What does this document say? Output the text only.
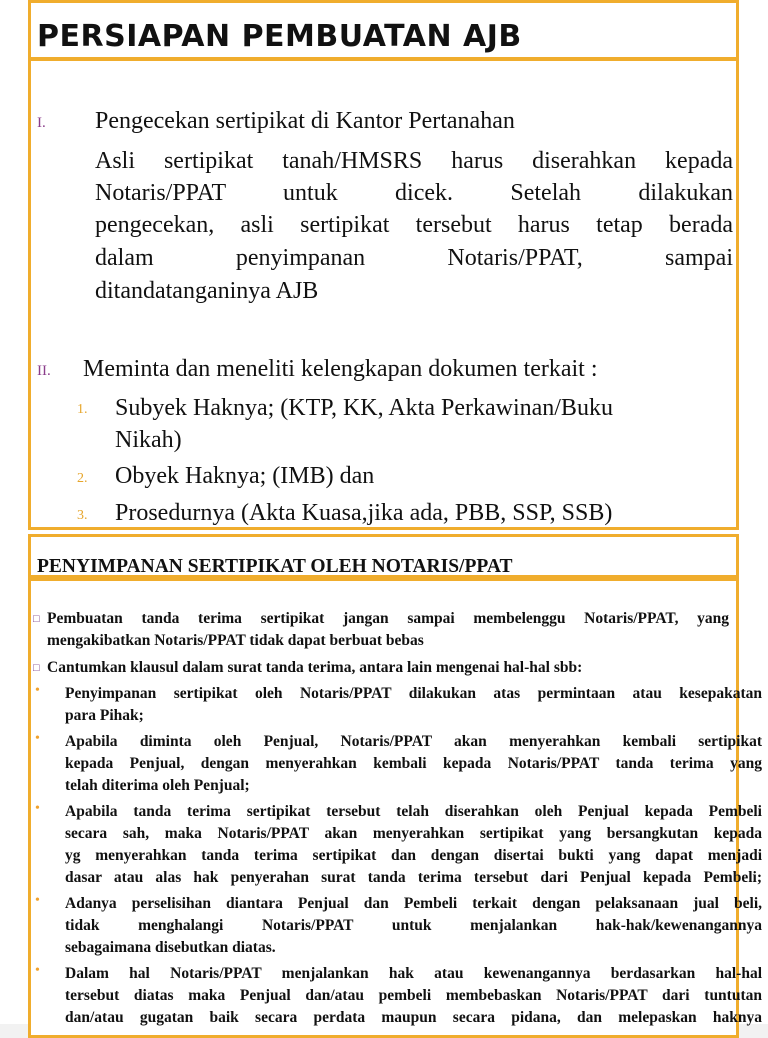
PERSIAPAN PEMBUATAN AJB
I. Pengecekan sertipikat di Kantor Pertanahan
Asli sertipikat tanah/HMSRS harus diserahkan kepada
Notaris/PPAT untuk dicek. Setelah dilakukan
pengecekan, asli sertipikat tersebut harus tetap berada
dalam penyimpanan Notaris/PPAT, sampai
ditandatanganinya AJB
II. Meminta dan meneliti kelengkapan dokumen terkait :
1. Subyek Haknya; (KTP, KK, Akta Perkawinan/Buku
Nikah)
2. Obyek Haknya; (IMB) dan
3. Prosedurnya (Akta Kuasa,jika ada, PBB, SSP, SSB)
PENYIMPANAN SERTIPIKAT OLEH NOTARIS/PPAT
□ Pembuatan tanda terima sertipikat jangan sampai membelenggu Notaris/PPAT, yang
mengakibatkan Notaris/PPAT tidak dapat berbuat bebas
□ Cantumkan klausul dalam surat tanda terima, antara lain mengenai hal-hal sbb:
• Penyimpanan sertipikat oleh Notaris/PPAT dilakukan atas permintaan atau kesepakatan
para Pihak;
• Apabila diminta oleh Penjual, Notaris/PPAT akan menyerahkan kembali sertipikat
kepada Penjual, dengan menyerahkan kembali kepada Notaris/PPAT tanda terima yang
telah diterima oleh Penjual;
• Apabila tanda terima sertipikat tersebut telah diserahkan oleh Penjual kepada Pembeli
secara sah, maka Notaris/PPAT akan menyerahkan sertipikat yang bersangkutan kepada
yg menyerahkan tanda terima sertipikat dan dengan disertai bukti yang dapat menjadi
dasar atau alas hak penyerahan surat tanda terima tersebut dari Penjual kepada Pembeli;
• Adanya perselisihan diantara Penjual dan Pembeli terkait dengan pelaksanaan jual beli,
tidak menghalangi Notaris/PPAT untuk menjalankan hak-hak/kewenangannya
sebagaimana disebutkan diatas.
• Dalam hal Notaris/PPAT menjalankan hak atau kewenangannya berdasarkan hal-hal
tersebut diatas maka Penjual dan/atau pembeli membebaskan Notaris/PPAT dari tuntutan
dan/atau gugatan baik secara perdata maupun secara pidana, dan melepaskan haknya
